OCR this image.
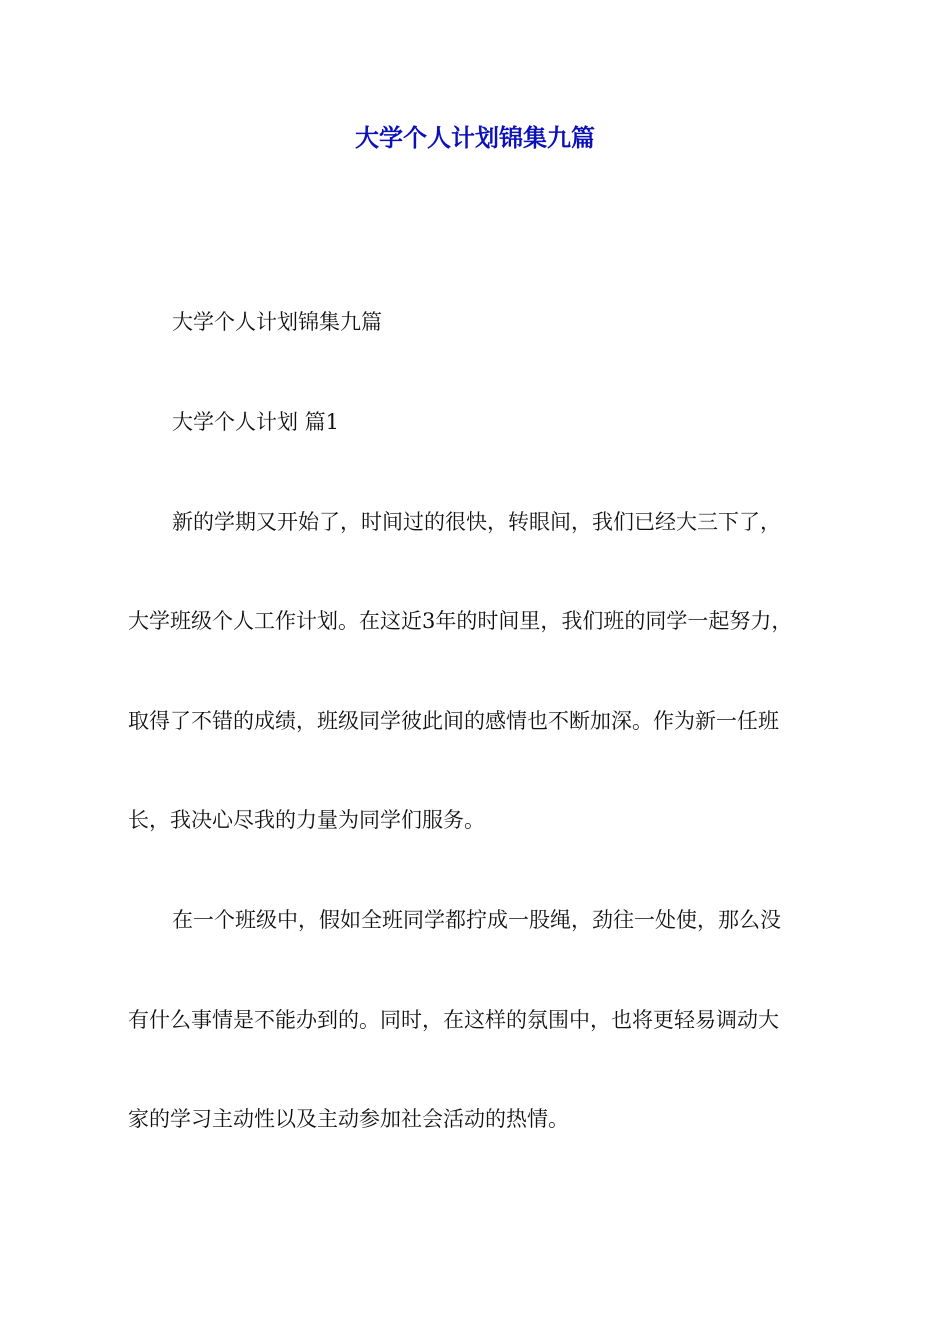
大学个人计划锦集九篇

大学个人计划锦集九篇

大学个人计划 篇1

新的学期又开始了，时间过的很快，转眼间，我们已经大三下了，

大学班级个人工作计划。在这近3年的时间里，我们班的同学一起努力，

取得了不错的成绩，班级同学彼此间的感情也不断加深。作为新一任班

长，我决心尽我的力量为同学们服务。

在一个班级中，假如全班同学都拧成一股绳，劲往一处使，那么没

有什么事情是不能办到的。同时，在这样的氛围中，也将更轻易调动大

家的学习主动性以及主动参加社会活动的热情。
